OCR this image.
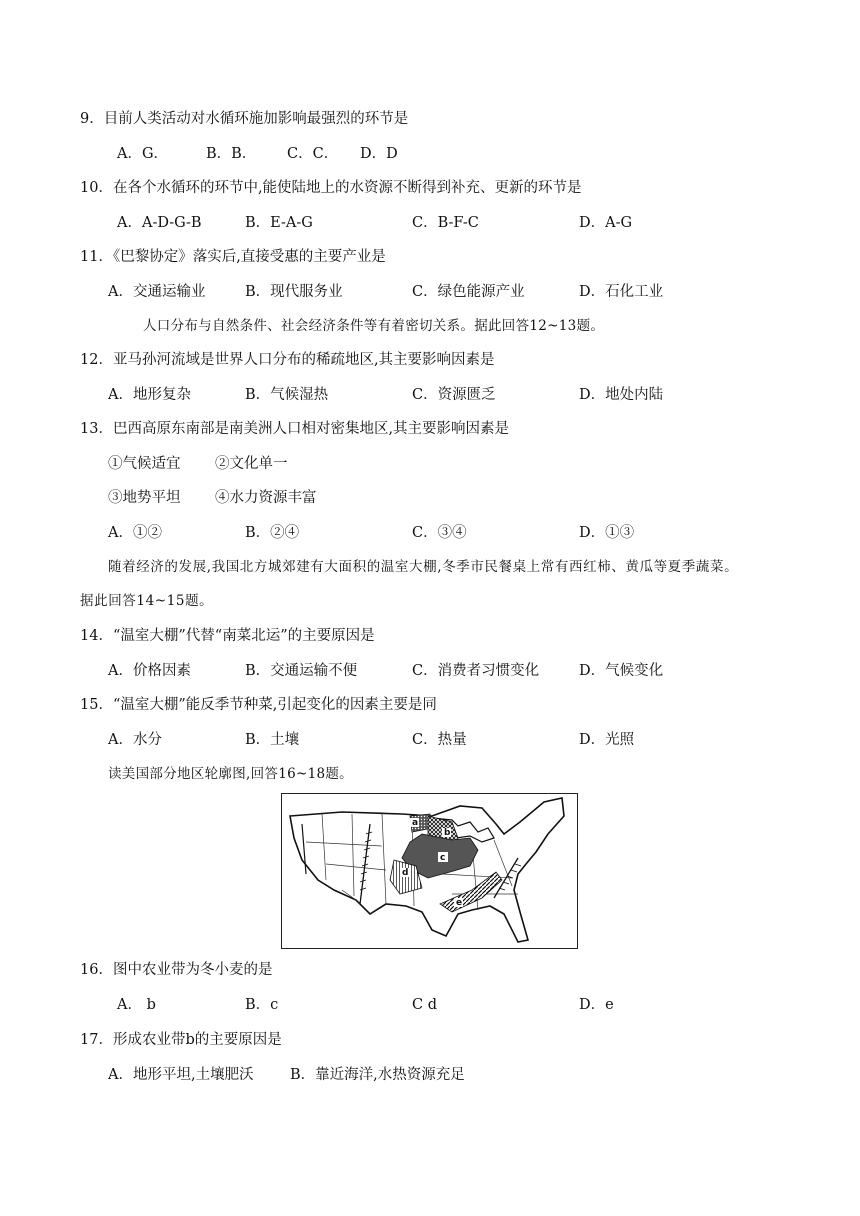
9．目前人类活动对水循环施加影响最强烈的环节是
A．G．	B．B． C．C． D．D
10．在各个水循环的环节中,能使陆地上的水资源不断得到补充、更新的环节是
A．A-D-G-B	B．E-A-G	C．B-F-C	D．A-G
11．《巴黎协定》落实后,直接受惠的主要产业是
A．交通运输业	B．现代服务业	C．绿色能源产业	D．石化工业
人口分布与自然条件、社会经济条件等有着密切关系。据此回答12~13题。
12．亚马孙河流域是世界人口分布的稀疏地区,其主要影响因素是
A．地形复杂	B．气候湿热	C．资源匮乏	D．地处内陆
13．巴西高原东南部是南美洲人口相对密集地区,其主要影响因素是
①气候适宜 ②文化单一
③地势平坦 ④水力资源丰富
A．①②	B．②④	C．③④	D．①③
随着经济的发展,我国北方城郊建有大面积的温室大棚,冬季市民餐桌上常有西红柿、黄瓜等夏季蔬菜。
据此回答14~15题。
14．“温室大棚”代替“南菜北运”的主要原因是
A．价格因素	B．交通运输不便	C．消费者习惯变化	D．气候变化
15．“温室大棚”能反季节种菜,引起变化的因素主要是同
A．水分	B．土壤	C．热量	D．光照
读美国部分地区轮廓图,回答16~18题。
a
b
c
d
e
16．图中农业带为冬小麦的是
A． b	B．c	C d	D．e
17．形成农业带b的主要原因是
A．地形平坦,土壤肥沃	B．靠近海洋,水热资源充足
